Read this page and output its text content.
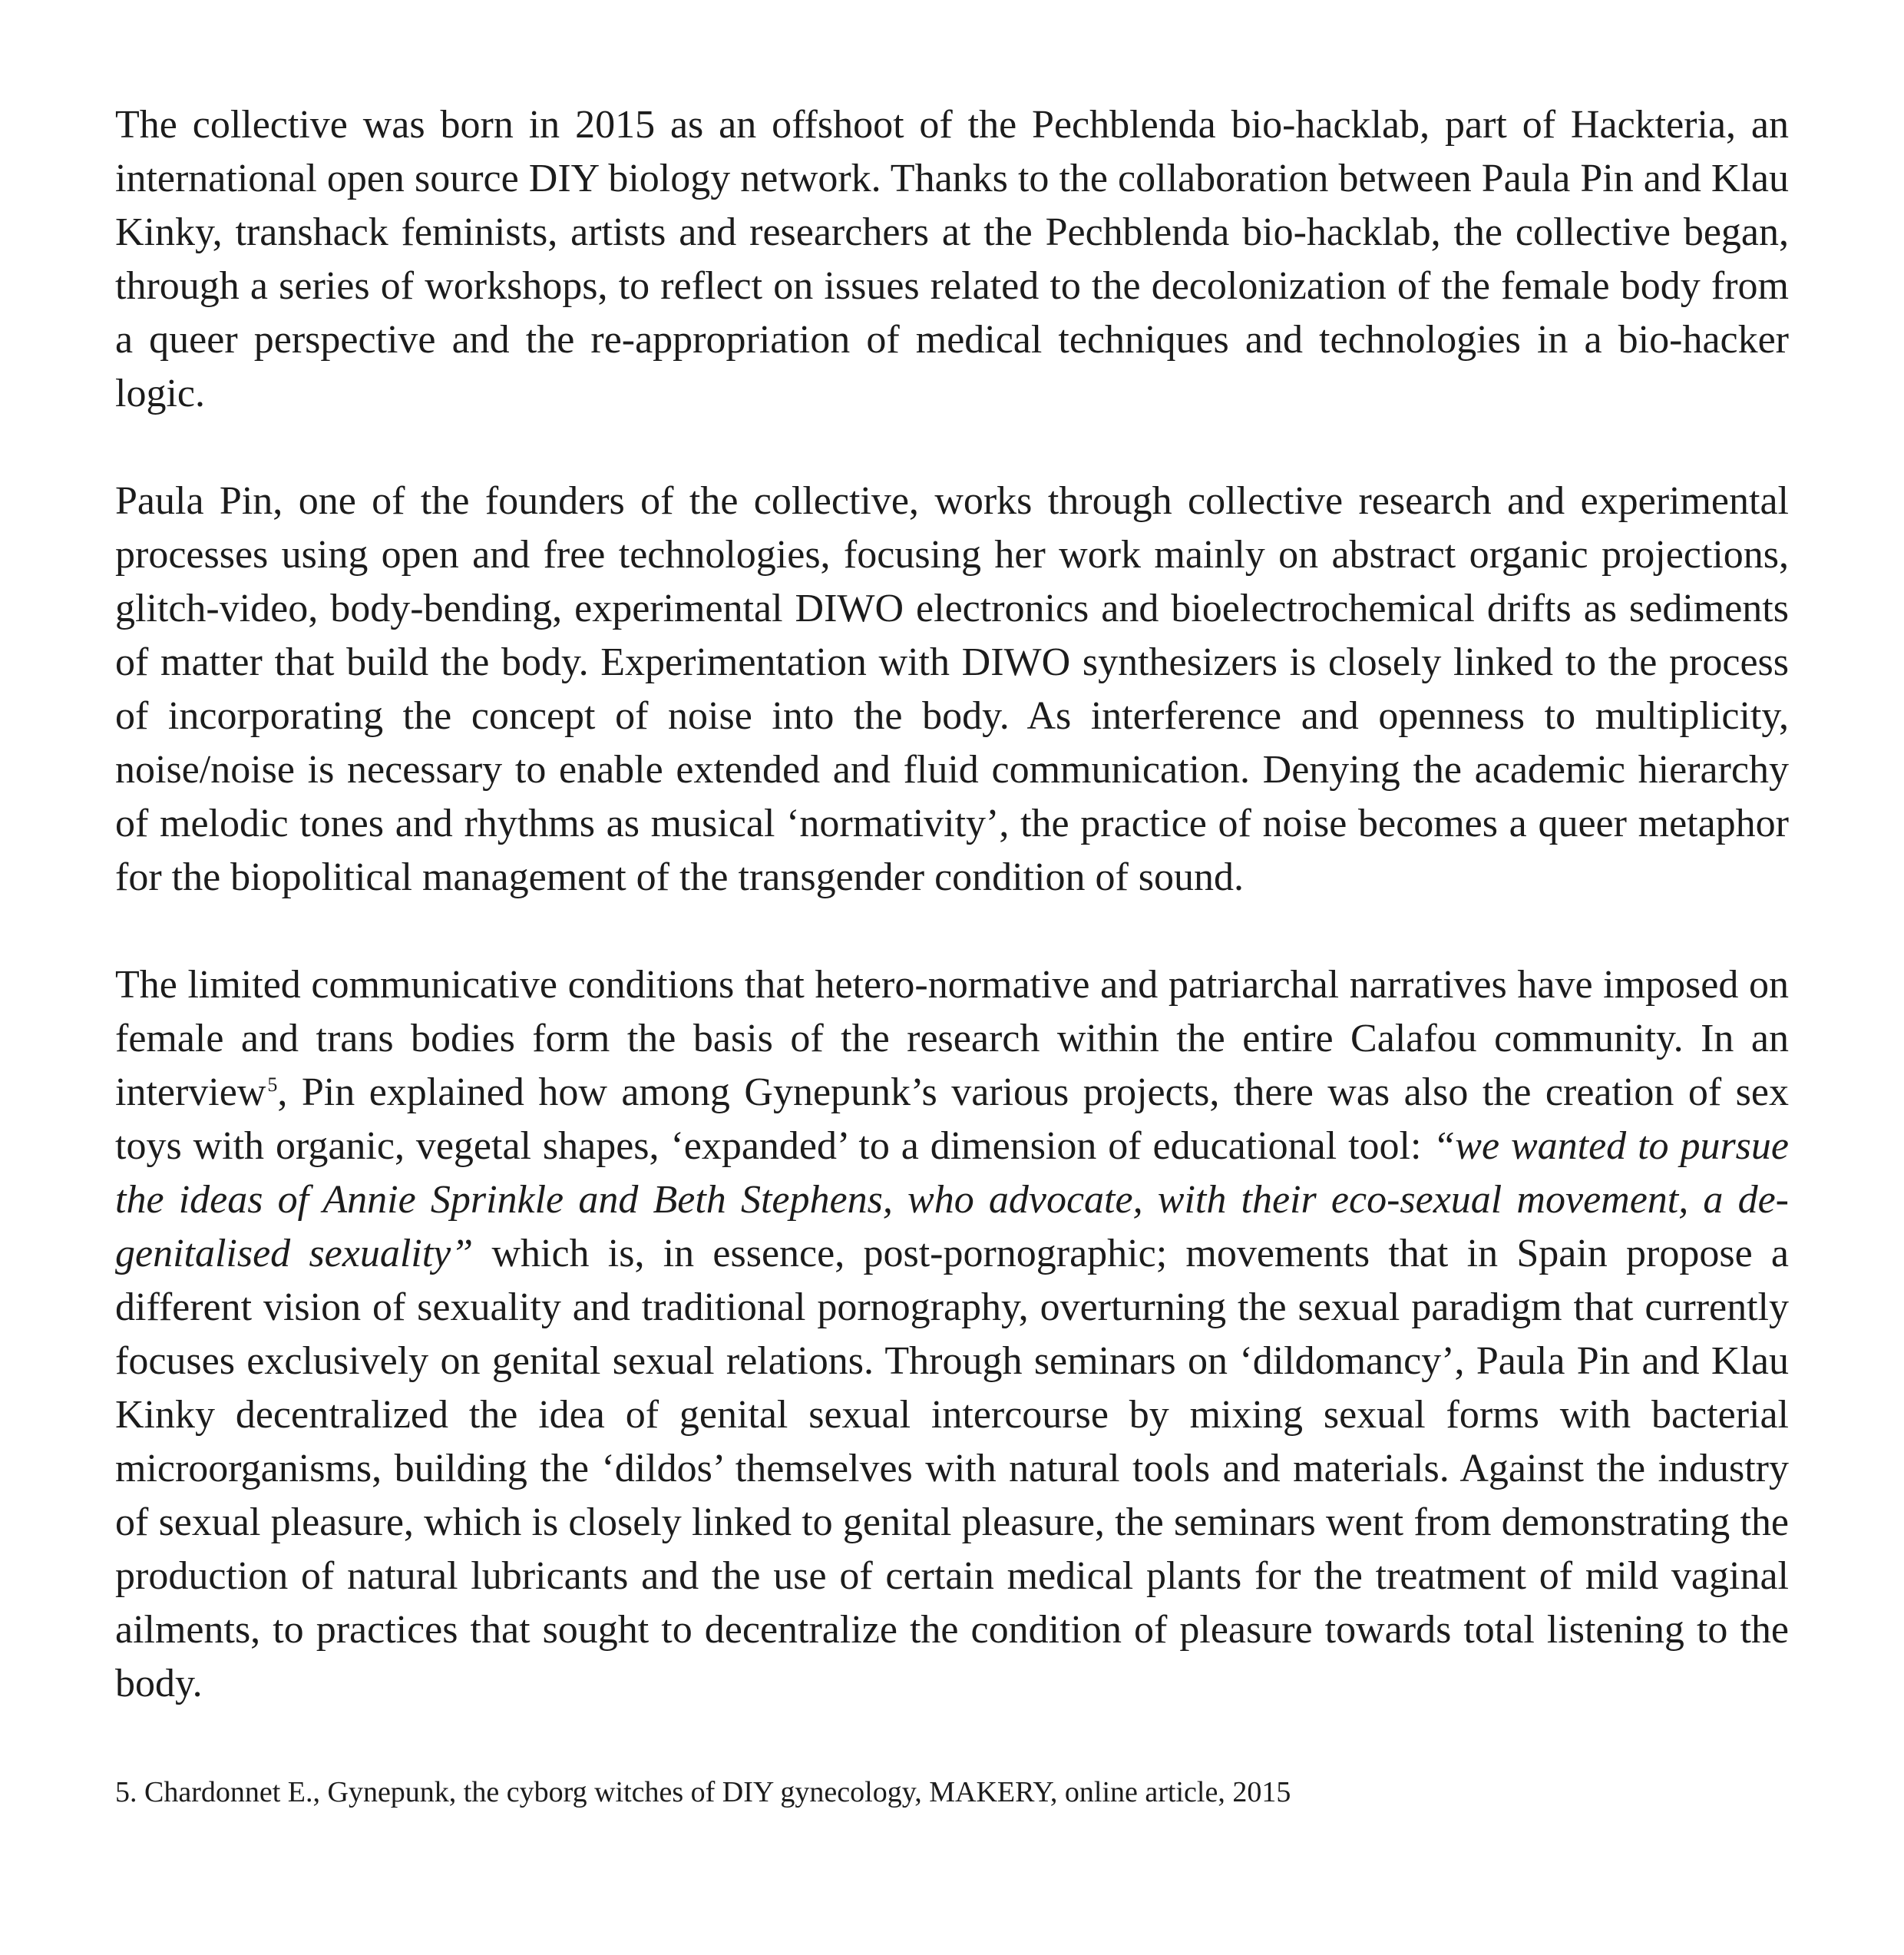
The collective was born in 2015 as an offshoot of the Pechblenda bio-hacklab, part of Hackteria, an international open source DIY biology network. Thanks to the collaboration between Paula Pin and Klau Kinky, transhack feminists, artists and researchers at the Pechblenda bio-hacklab, the collective began, through a series of workshops, to reflect on issues related to the decolonization of the female body from a queer perspective and the re-appropriation of medical techniques and technologies in a bio-hacker logic.

Paula Pin, one of the founders of the collective, works through collective research and experimental processes using open and free technologies, focusing her work mainly on abstract organic projections, glitch-video, body-bending, experimental DIWO electronics and bioelectrochemical drifts as sediments of matter that build the body. Experimentation with DIWO synthesizers is closely linked to the process of incorporating the concept of noise into the body. As interference and openness to multiplicity, noise/noise is necessary to enable extended and fluid communication. Denying the academic hierarchy of melodic tones and rhythms as musical ‘normativity’, the practice of noise becomes a queer metaphor for the biopolitical management of the transgender condition of sound.

The limited communicative conditions that hetero-normative and patriarchal narratives have imposed on female and trans bodies form the basis of the research within the entire Calafou community. In an interview$^5$, Pin explained how among Gynepunk’s various projects, there was also the creation of sex toys with organic, vegetal shapes, ‘expanded’ to a dimension of educational tool: “we wanted to pursue the ideas of Annie Sprinkle and Beth Stephens, who advocate, with their eco-sexual movement, a de-genitalised sexuality” which is, in essence, post-pornographic; movements that in Spain propose a different vision of sexuality and traditional pornography, overturning the sexual paradigm that currently focuses exclusively on genital sexual relations. Through seminars on ‘dildomancy’, Paula Pin and Klau Kinky decentralized the idea of genital sexual intercourse by mixing sexual forms with bacterial microorganisms, building the ‘dildos’ themselves with natural tools and materials. Against the industry of sexual pleasure, which is closely linked to genital pleasure, the seminars went from demonstrating the production of natural lubricants and the use of certain medical plants for the treatment of mild vaginal ailments, to practices that sought to decentralize the condition of pleasure towards total listening to the body.

5. Chardonnet E., Gynepunk, the cyborg witches of DIY gynecology, MAKERY, online article, 2015
